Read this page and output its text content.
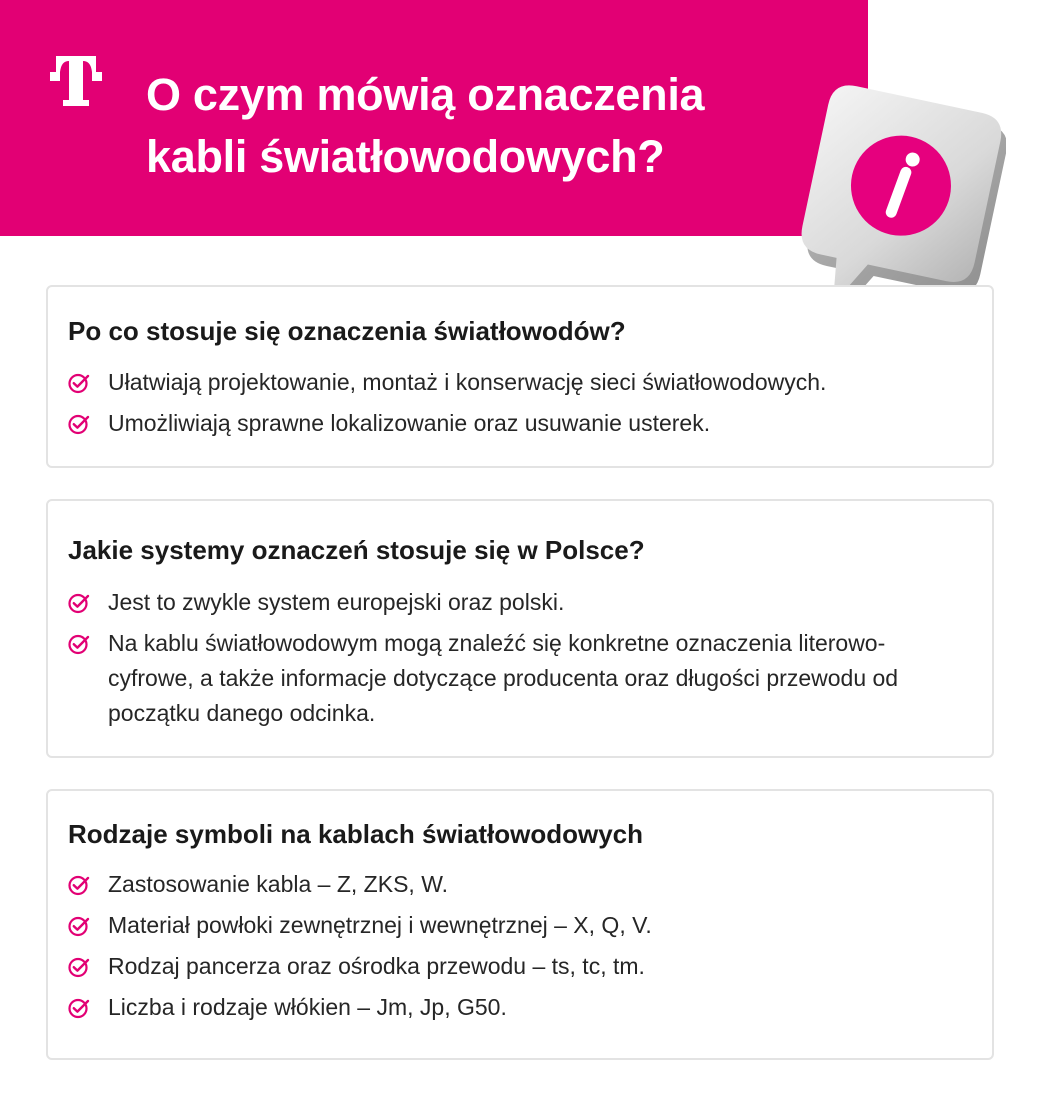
O czym mówią oznaczenia
kabli światłowodowych?
Po co stosuje się oznaczenia światłowodów?
Ułatwiają projektowanie, montaż i konserwację sieci światłowodowych.
Umożliwiają sprawne lokalizowanie oraz usuwanie usterek.
Jakie systemy oznaczeń stosuje się w Polsce?
Jest to zwykle system europejski oraz polski.
Na kablu światłowodowym mogą znaleźć się konkretne oznaczenia literowo-cyfrowe, a także informacje dotyczące producenta oraz długości przewodu od początku danego odcinka.
Rodzaje symboli na kablach światłowodowych
Zastosowanie kabla – Z, ZKS, W.
Materiał powłoki zewnętrznej i wewnętrznej – X, Q, V.
Rodzaj pancerza oraz ośrodka przewodu – ts, tc, tm.
Liczba i rodzaje włókien – Jm, Jp, G50.
